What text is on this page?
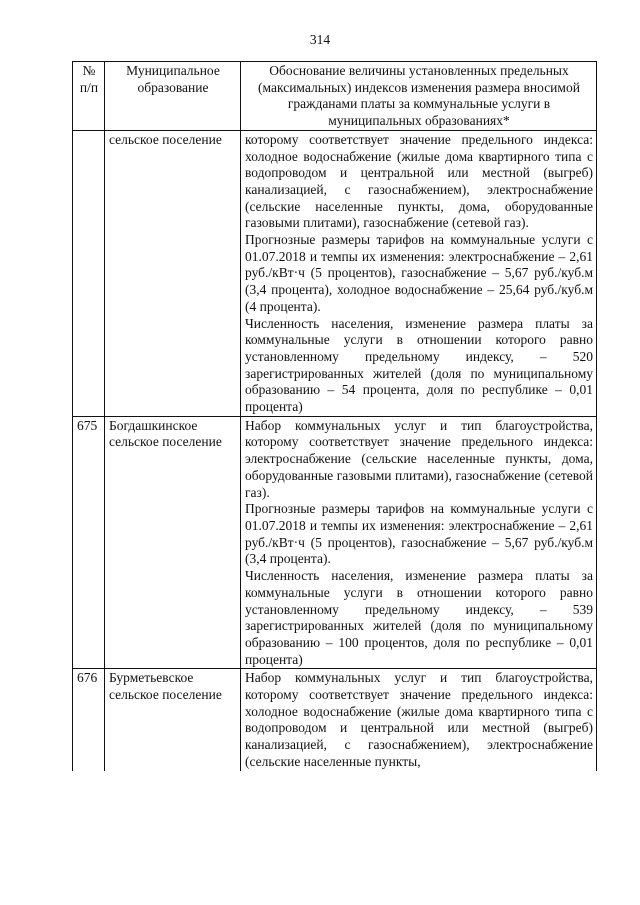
314
№ п/п	Муниципальное образование	Обоснование величины установленных предельных (максимальных) индексов изменения размера вносимой гражданами платы за коммунальные услуги в муниципальных образованиях*
	сельское поселение	которому соответствует значение предельного индекса: холодное водоснабжение (жилые дома квартирного типа с водопроводом и центральной или местной (выгреб) канализацией, с газоснабжением), электроснабжение (сельские населенные пункты, дома, оборудованные газовыми плитами), газоснабжение (сетевой газ).

Прогнозные размеры тарифов на коммунальные услуги с 01.07.2018 и темпы их изменения: электроснабжение – 2,61 руб./кВт·ч (5 процентов), газоснабжение – 5,67 руб./куб.м (3,4 процента), холодное водоснабжение – 25,64 руб./куб.м (4 процента).

Численность населения, изменение размера платы за коммунальные услуги в отношении которого равно установленному предельному индексу, – 520 зарегистрированных жителей (доля по муниципальному образованию – 54 процента, доля по республике – 0,01 процента)

675	Богдашкинское сельское поселение	Набор коммунальных услуг и тип благоустройства, которому соответствует значение предельного индекса: электроснабжение (сельские населенные пункты, дома, оборудованные газовыми плитами), газоснабжение (сетевой газ).

Прогнозные размеры тарифов на коммунальные услуги с 01.07.2018 и темпы их изменения: электроснабжение – 2,61 руб./кВт·ч (5 процентов), газоснабжение – 5,67 руб./куб.м (3,4 процента).

Численность населения, изменение размера платы за коммунальные услуги в отношении которого равно установленному предельному индексу, – 539 зарегистрированных жителей (доля по муниципальному образованию – 100 процентов, доля по республике – 0,01 процента)

676	Бурметьевское сельское поселение	Набор коммунальных услуг и тип благоустройства, которому соответствует значение предельного индекса: холодное водоснабжение (жилые дома квартирного типа с водопроводом и центральной или местной (выгреб) канализацией, с газоснабжением), электроснабжение (сельские населенные пункты,
